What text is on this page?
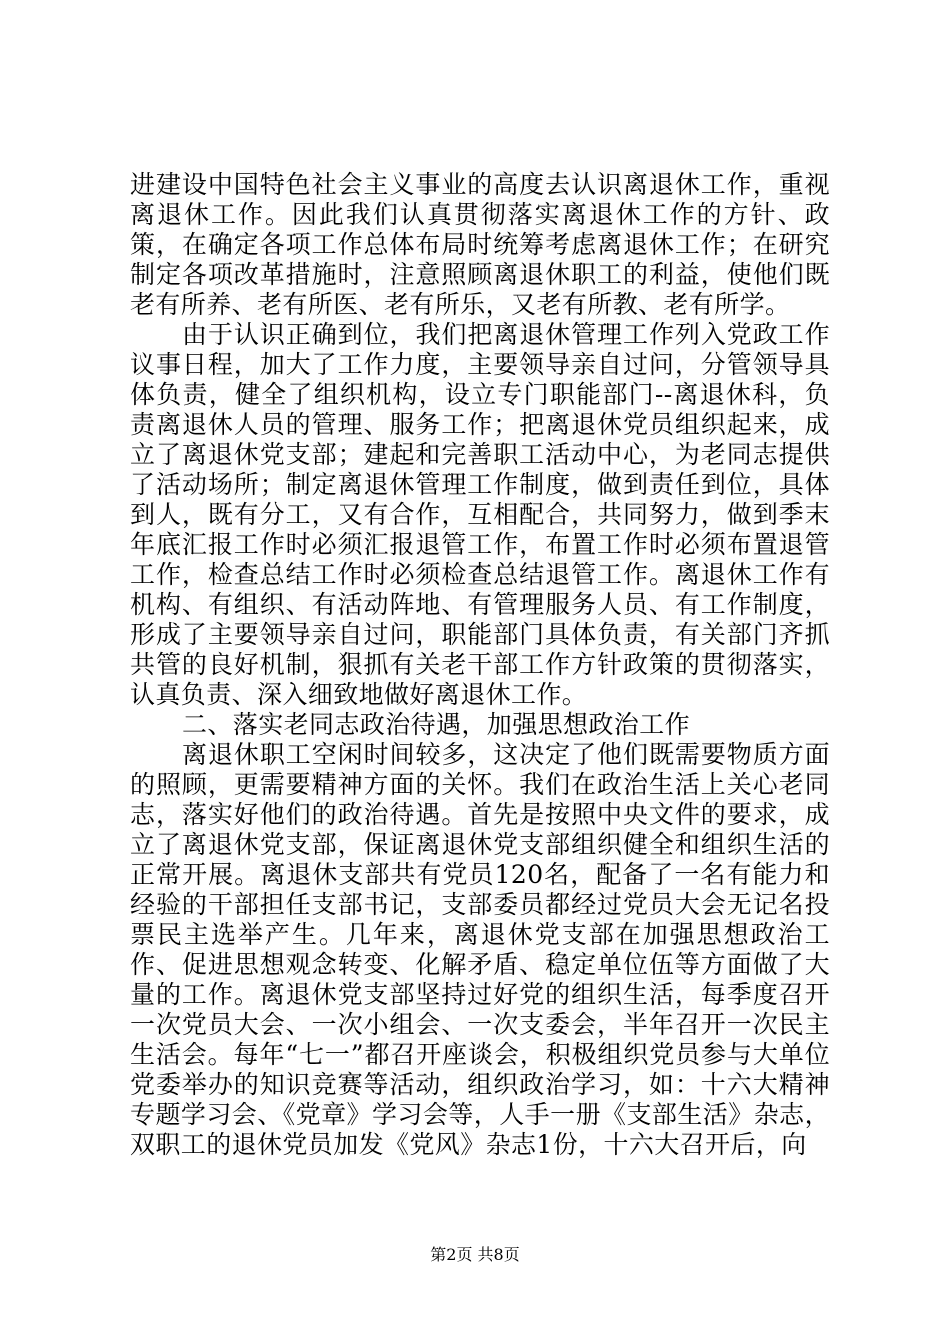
进建设中国特色社会主义事业的高度去认识离退休工作，重视离退休工作。因此我们认真贯彻落实离退休工作的方针、政策，在确定各项工作总体布局时统筹考虑离退休工作；在研究制定各项改革措施时，注意照顾离退休职工的利益，使他们既老有所养、老有所医、老有所乐，又老有所教、老有所学。

由于认识正确到位，我们把离退休管理工作列入党政工作议事日程，加大了工作力度，主要领导亲自过问，分管领导具体负责，健全了组织机构，设立专门职能部门--离退休科，负责离退休人员的管理、服务工作；把离退休党员组织起来，成立了离退休党支部；建起和完善职工活动中心，为老同志提供了活动场所；制定离退休管理工作制度，做到责任到位，具体到人，既有分工，又有合作，互相配合，共同努力，做到季末年底汇报工作时必须汇报退管工作，布置工作时必须布置退管工作，检查总结工作时必须检查总结退管工作。离退休工作有机构、有组织、有活动阵地、有管理服务人员、有工作制度，形成了主要领导亲自过问，职能部门具体负责，有关部门齐抓共管的良好机制，狠抓有关老干部工作方针政策的贯彻落实，认真负责、深入细致地做好离退休工作。

二、落实老同志政治待遇，加强思想政治工作

离退休职工空闲时间较多，这决定了他们既需要物质方面的照顾，更需要精神方面的关怀。我们在政治生活上关心老同志，落实好他们的政治待遇。首先是按照中央文件的要求，成立了离退休党支部，保证离退休党支部组织健全和组织生活的正常开展。离退休支部共有党员120名，配备了一名有能力和经验的干部担任支部书记，支部委员都经过党员大会无记名投票民主选举产生。几年来，离退休党支部在加强思想政治工作、促进思想观念转变、化解矛盾、稳定单位伍等方面做了大量的工作。离退休党支部坚持过好党的组织生活，每季度召开一次党员大会、一次小组会、一次支委会，半年召开一次民主生活会。每年“七一”都召开座谈会，积极组织党员参与大单位党委举办的知识竞赛等活动，组织政治学习，如：十六大精神专题学习会、《党章》学习会等，人手一册《支部生活》杂志，双职工的退休党员加发《党风》杂志1份，十六大召开后，向

第2页 共8页
